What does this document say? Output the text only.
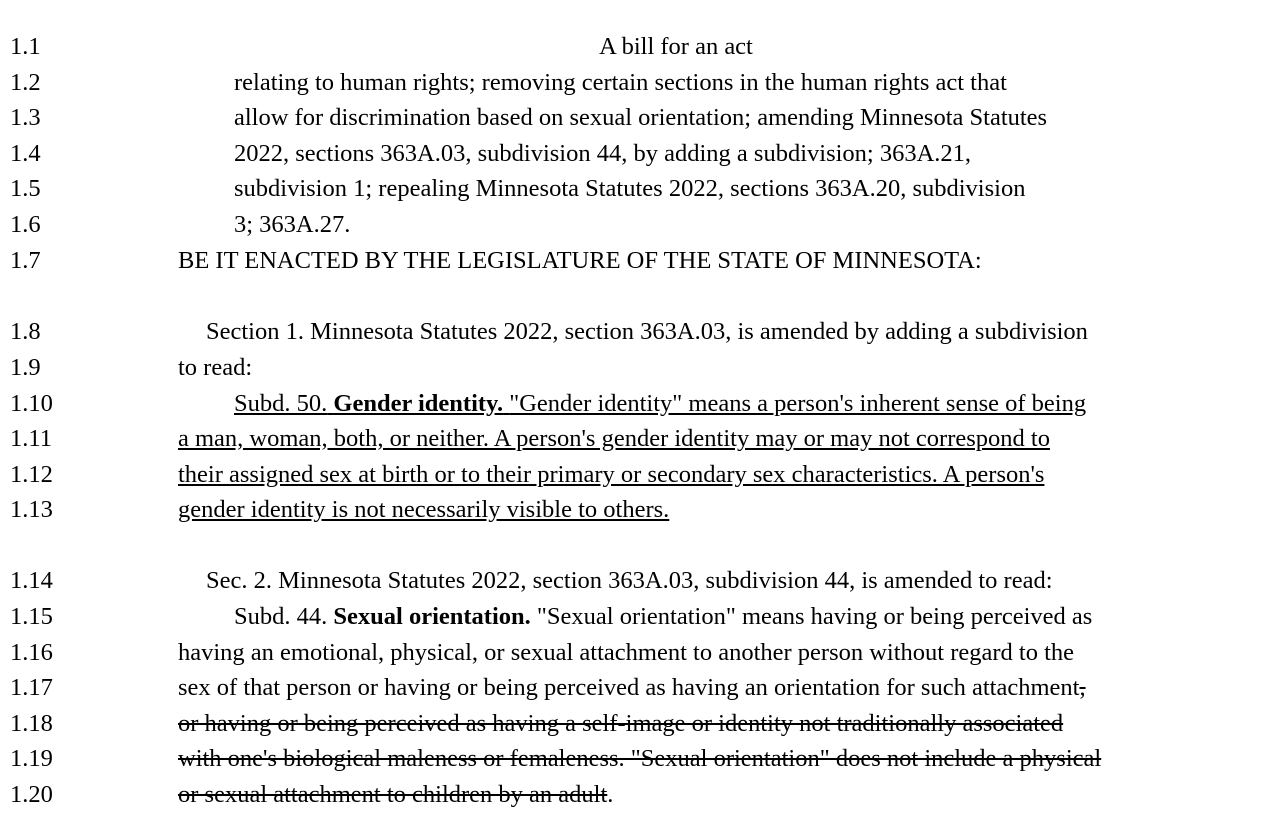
1.1	A bill for an act
1.2	relating to human rights; removing certain sections in the human rights act that
1.3	allow for discrimination based on sexual orientation; amending Minnesota Statutes
1.4	2022, sections 363A.03, subdivision 44, by adding a subdivision; 363A.21,
1.5	subdivision 1; repealing Minnesota Statutes 2022, sections 363A.20, subdivision
1.6	3; 363A.27.
1.7	BE IT ENACTED BY THE LEGISLATURE OF THE STATE OF MINNESOTA:
1.8	Section 1. Minnesota Statutes 2022, section 363A.03, is amended by adding a subdivision
1.9	to read:
1.10	Subd. 50. Gender identity. "Gender identity" means a person's inherent sense of being
1.11	a man, woman, both, or neither. A person's gender identity may or may not correspond to
1.12	their assigned sex at birth or to their primary or secondary sex characteristics. A person's
1.13	gender identity is not necessarily visible to others.
1.14	Sec. 2. Minnesota Statutes 2022, section 363A.03, subdivision 44, is amended to read:
1.15	Subd. 44. Sexual orientation. "Sexual orientation" means having or being perceived as
1.16	having an emotional, physical, or sexual attachment to another person without regard to the
1.17	sex of that person or having or being perceived as having an orientation for such attachment,
1.18	or having or being perceived as having a self-image or identity not traditionally associated
1.19	with one's biological maleness or femaleness. "Sexual orientation" does not include a physical
1.20	or sexual attachment to children by an adult.
